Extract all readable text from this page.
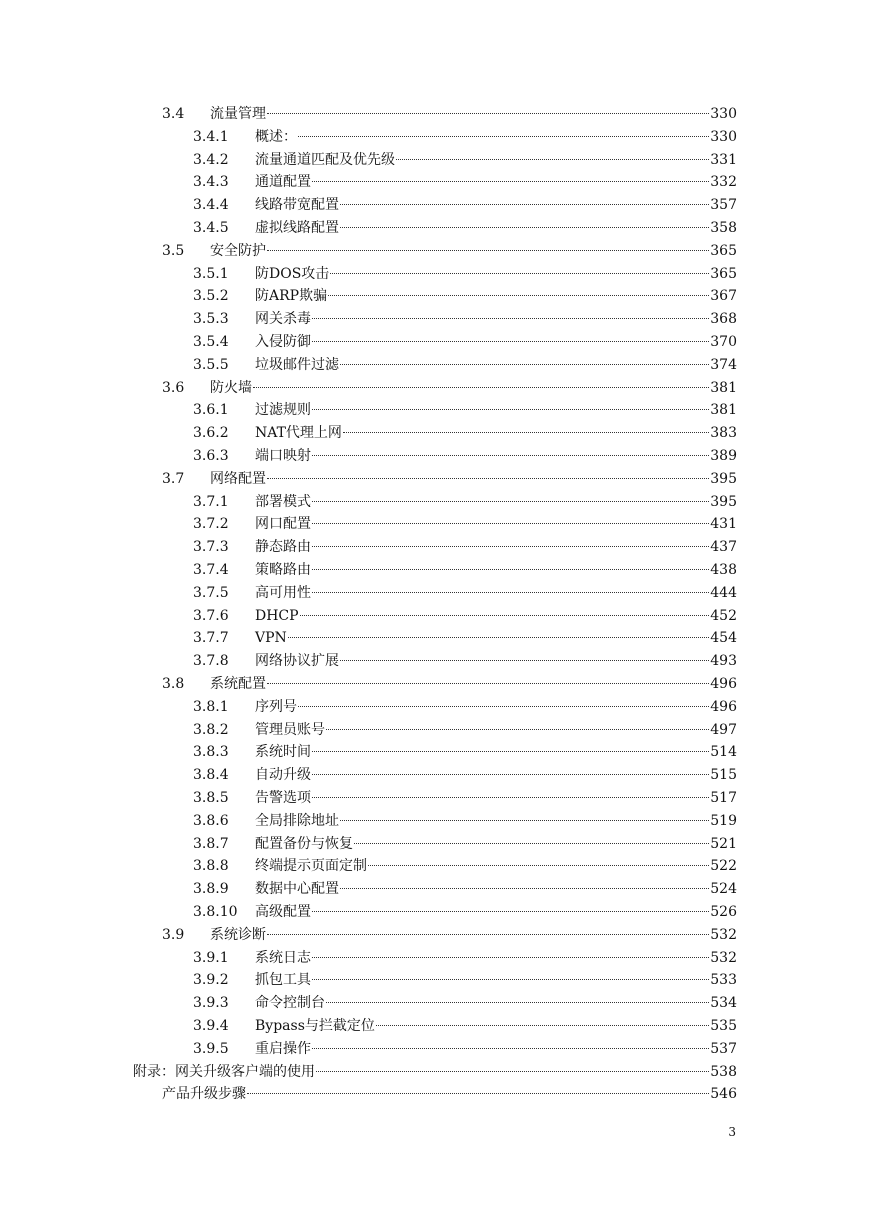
3.4	流量管理	330
3.4.1	概述：	330
3.4.2	流量通道匹配及优先级	331
3.4.3	通道配置	332
3.4.4	线路带宽配置	357
3.4.5	虚拟线路配置	358
3.5	安全防护	365
3.5.1	防DOS攻击	365
3.5.2	防ARP欺骗	367
3.5.3	网关杀毒	368
3.5.4	入侵防御	370
3.5.5	垃圾邮件过滤	374
3.6	防火墙	381
3.6.1	过滤规则	381
3.6.2	NAT代理上网	383
3.6.3	端口映射	389
3.7	网络配置	395
3.7.1	部署模式	395
3.7.2	网口配置	431
3.7.3	静态路由	437
3.7.4	策略路由	438
3.7.5	高可用性	444
3.7.6	DHCP	452
3.7.7	VPN	454
3.7.8	网络协议扩展	493
3.8	系统配置	496
3.8.1	序列号	496
3.8.2	管理员账号	497
3.8.3	系统时间	514
3.8.4	自动升级	515
3.8.5	告警选项	517
3.8.6	全局排除地址	519
3.8.7	配置备份与恢复	521
3.8.8	终端提示页面定制	522
3.8.9	数据中心配置	524
3.8.10	高级配置	526
3.9	系统诊断	532
3.9.1	系统日志	532
3.9.2	抓包工具	533
3.9.3	命令控制台	534
3.9.4	Bypass与拦截定位	535
3.9.5	重启操作	537
附录：网关升级客户端的使用	538
产品升级步骤	546
3
